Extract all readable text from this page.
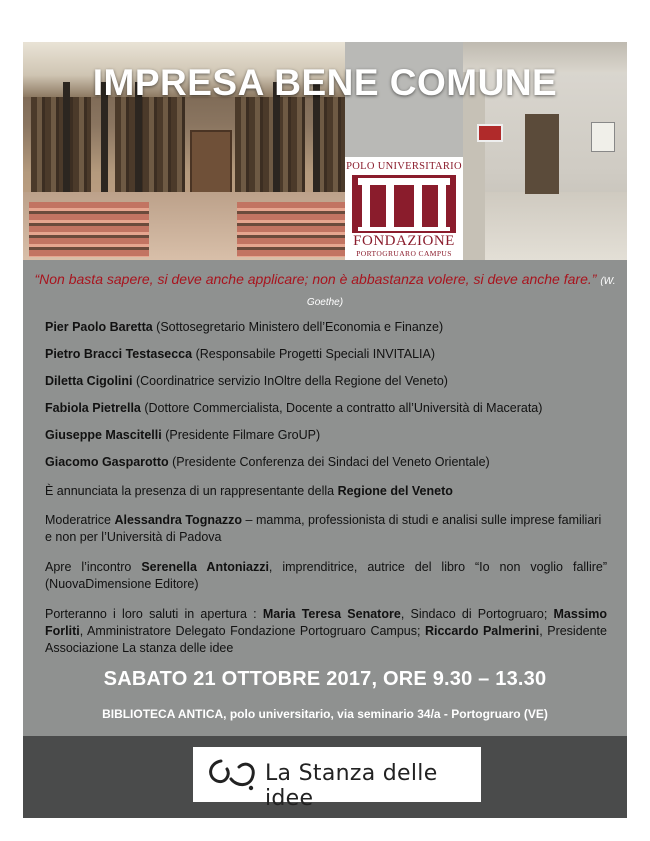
IMPRESA BENE COMUNE
POLO UNIVERSITARIO
FONDAZIONE
PORTOGRUARO CAMPUS

“Non basta sapere, si deve anche applicare; non è abbastanza volere, si deve anche fare.” (W. Goethe)

Pier Paolo Baretta (Sottosegretario Ministero dell’Economia e Finanze)
Pietro Bracci Testasecca (Responsabile Progetti Speciali INVITALIA)
Diletta Cigolini (Coordinatrice servizio InOltre della Regione del Veneto)
Fabiola Pietrella (Dottore Commercialista, Docente a contratto all’Università di Macerata)
Giuseppe Mascitelli (Presidente Filmare GroUP)
Giacomo Gasparotto (Presidente Conferenza dei Sindaci del Veneto Orientale)

È annunciata la presenza di un rappresentante della Regione del Veneto

Moderatrice Alessandra Tognazzo – mamma, professionista di studi e analisi sulle imprese familiari e non per l’Università di Padova

Apre l’incontro Serenella Antoniazzi, imprenditrice, autrice del libro “Io non voglio fallire” (NuovaDimensione Editore)

Porteranno i loro saluti in apertura : Maria Teresa Senatore, Sindaco di Portogruaro; Massimo Forliti, Amministratore Delegato Fondazione Portogruaro Campus; Riccardo Palmerini, Presidente Associazione La stanza delle idee

SABATO 21 OTTOBRE 2017, ORE 9.30 – 13.30

BIBLIOTECA ANTICA, polo universitario, via seminario 34/a - Portogruaro (VE)

La Stanza delle idee
